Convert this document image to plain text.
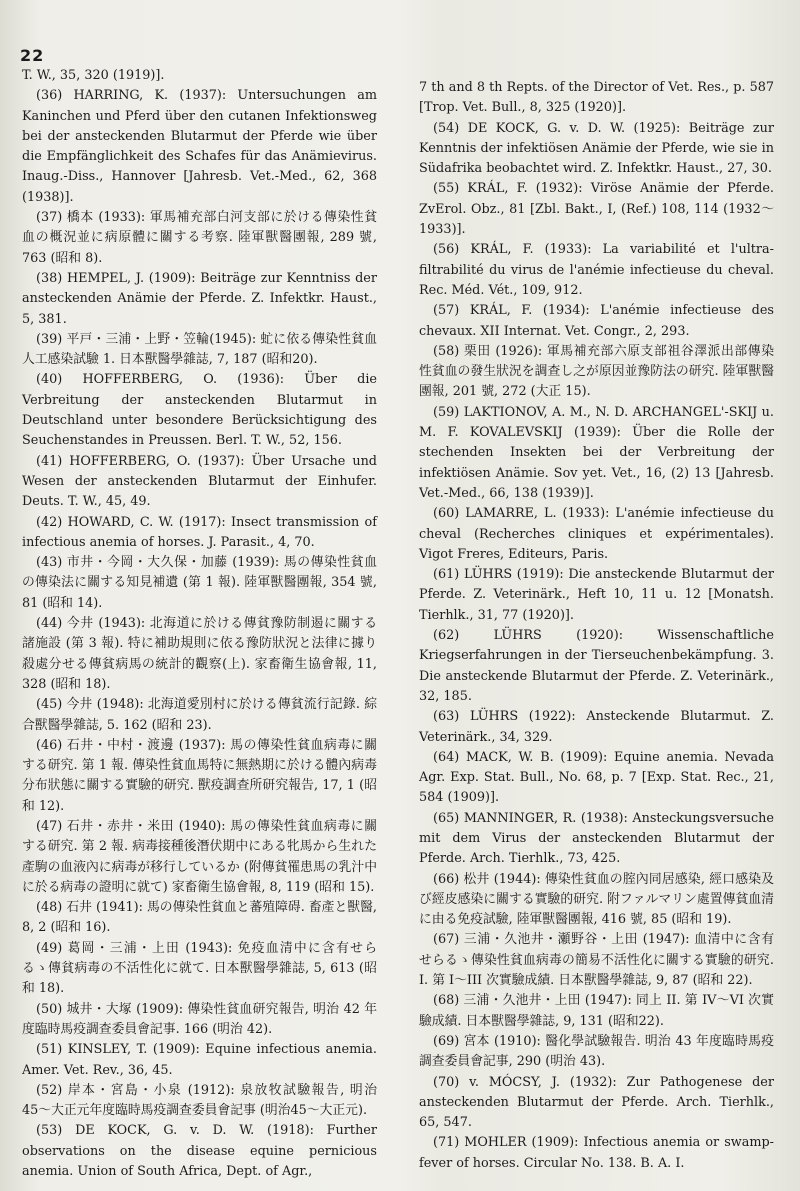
22

T. W., 35, 320 (1919)].

(36) HARRING, K. (1937): Untersuchungen am Kaninchen und Pferd über den cutanen Infektionsweg bei der ansteckenden Blutarmut der Pferde wie über die Empfänglichkeit des Schafes für das Anämievirus. Inaug.-Diss., Hannover [Jahresb. Vet.-Med., 62, 368 (1938)].

(37) 橋本 (1933): 軍馬補充部白河支部に於ける傳染性貧血の概況並に病原體に關する考察. 陸軍獸醫團報, 289 號, 763 (昭和 8).

(38) HEMPEL, J. (1909): Beiträge zur Kenntniss der ansteckenden Anämie der Pferde. Z. Infektkr. Haust., 5, 381.

(39) 平戸・三浦・上野・笠輪(1945): 虻に依る傳染性貧血人工感染試驗 1. 日本獸醫學雜誌, 7, 187 (昭和20).

(40) HOFFERBERG, O. (1936): Über die Verbreitung der ansteckenden Blutarmut in Deutschland unter besondere Berücksichtigung des Seuchenstandes in Preussen. Berl. T. W., 52, 156.

(41) HOFFERBERG, O. (1937): Über Ursache und Wesen der ansteckenden Blutarmut der Einhufer. Deuts. T. W., 45, 49.

(42) HOWARD, C. W. (1917): Insect transmission of infectious anemia of horses. J. Parasit., 4, 70.

(43) 市井・今岡・大久保・加藤 (1939): 馬の傳染性貧血の傳染法に關する知見補遺 (第 1 報). 陸軍獸醫團報, 354 號, 81 (昭和 14).

(44) 今井 (1943): 北海道に於ける傳貧豫防制遏に關する諸施設 (第 3 報). 特に補助規則に依る豫防狀況と法律に據り殺處分せる傳貧病馬の統計的觀察(上). 家畜衛生協會報, 11, 328 (昭和 18).

(45) 今井 (1948): 北海道愛別村に於ける傳貧流行記錄. 綜合獸醫學雜誌, 5. 162 (昭和 23).

(46) 石井・中村・渡邊 (1937): 馬の傳染性貧血病毒に關する研究. 第 1 報. 傳染性貧血馬特に無熱期に於ける體內病毒分布狀態に關する實驗的研究. 獸疫調查所研究報告, 17, 1 (昭和 12).

(47) 石井・赤井・米田 (1940): 馬の傳染性貧血病毒に關する研究. 第 2 報. 病毒接種後潛伏期中にある牝馬から生れた產駒の血液內に病毒が移行しているか (附傳貧罹患馬の乳汁中に於る病毒の證明に就て) 家畜衛生協會報, 8, 119 (昭和 15).

(48) 石井 (1941): 馬の傳染性貧血と蕃殖障碍. 畜產と獸醫, 8, 2 (昭和 16).

(49) 葛岡・三浦・上田 (1943): 免疫血清中に含有せらるゝ傳貧病毒の不活性化に就て. 日本獸醫學雜誌, 5, 613 (昭和 18).

(50) 城井・大塚 (1909): 傳染性貧血研究報告, 明治 42 年度臨時馬疫調查委員會記事. 166 (明治 42).

(51) KINSLEY, T. (1909): Equine infectious anemia. Amer. Vet. Rev., 36, 45.

(52) 岸本・宮島・小泉 (1912): 泉放牧試驗報告, 明治 45〜大正元年度臨時馬疫調查委員會記事 (明治45〜大正元).

(53) DE KOCK, G. v. D. W. (1918): Further observations on the disease equine pernicious anemia. Union of South Africa, Dept. of Agr.,

7 th and 8 th Repts. of the Director of Vet. Res., p. 587 [Trop. Vet. Bull., 8, 325 (1920)].

(54) DE KOCK, G. v. D. W. (1925): Beiträge zur Kenntnis der infektiösen Anämie der Pferde, wie sie in Südafrika beobachtet wird. Z. Infektkr. Haust., 27, 30.

(55) KRÁL, F. (1932): Viröse Anämie der Pferde. ZvErol. Obz., 81 [Zbl. Bakt., I, (Ref.) 108, 114 (1932〜1933)].

(56) KRÁL, F. (1933): La variabilité et l'ultra-filtrabilité du virus de l'anémie infectieuse du cheval. Rec. Méd. Vét., 109, 912.

(57) KRÁL, F. (1934): L'anémie infectieuse des chevaux. XII Internat. Vet. Congr., 2, 293.

(58) 栗田 (1926): 軍馬補充部六原支部祖谷澤派出部傳染性貧血の發生狀況を調查し之が原因並豫防法の研究. 陸軍獸醫團報, 201 號, 272 (大正 15).

(59) LAKTIONOV, A. M., N. D. ARCHANGEL'-SKIJ u. M. F. KOVALEVSKIJ (1939): Über die Rolle der stechenden Insekten bei der Verbreitung der infektiösen Anämie. Sov yet. Vet., 16, (2) 13 [Jahresb. Vet.-Med., 66, 138 (1939)].

(60) LAMARRE, L. (1933): L'anémie infectieuse du cheval (Recherches cliniques et expérimentales). Vigot Freres, Editeurs, Paris.

(61) LÜHRS (1919): Die ansteckende Blutarmut der Pferde. Z. Veterinärk., Heft 10, 11 u. 12 [Monatsh. Tierhlk., 31, 77 (1920)].

(62) LÜHRS (1920): Wissenschaftliche Kriegserfahrungen in der Tierseuchenbekämpfung. 3. Die ansteckende Blutarmut der Pferde. Z. Veterinärk., 32, 185.

(63) LÜHRS (1922): Ansteckende Blutarmut. Z. Veterinärk., 34, 329.

(64) MACK, W. B. (1909): Equine anemia. Nevada Agr. Exp. Stat. Bull., No. 68, p. 7 [Exp. Stat. Rec., 21, 584 (1909)].

(65) MANNINGER, R. (1938): Ansteckungsversuche mit dem Virus der ansteckenden Blutarmut der Pferde. Arch. Tierhlk., 73, 425.

(66) 松井 (1944): 傳染性貧血の腟內同居感染, 經口感染及び經皮感染に關する實驗的研究. 附ファルマリン處置傳貧血清に由る免疫試驗, 陸軍獸醫團報, 416 號, 85 (昭和 19).

(67) 三浦・久池井・瀬野谷・上田 (1947): 血清中に含有せらるゝ傳染性貧血病毒の簡易不活性化に關する實驗的研究. I. 第 I〜III 次實驗成績. 日本獸醫學雜誌, 9, 87 (昭和 22).

(68) 三浦・久池井・上田 (1947): 同上 II. 第 IV〜VI 次實驗成績. 日本獸醫學雜誌, 9, 131 (昭和22).

(69) 宮本 (1910): 醫化學試驗報告. 明治 43 年度臨時馬疫調查委員會記事, 290 (明治 43).

(70) v. MÓCSY, J. (1932): Zur Pathogenese der ansteckenden Blutarmut der Pferde. Arch. Tierhlk., 65, 547.

(71) MOHLER (1909): Infectious anemia or swamp-fever of horses. Circular No. 138. B. A. I.
